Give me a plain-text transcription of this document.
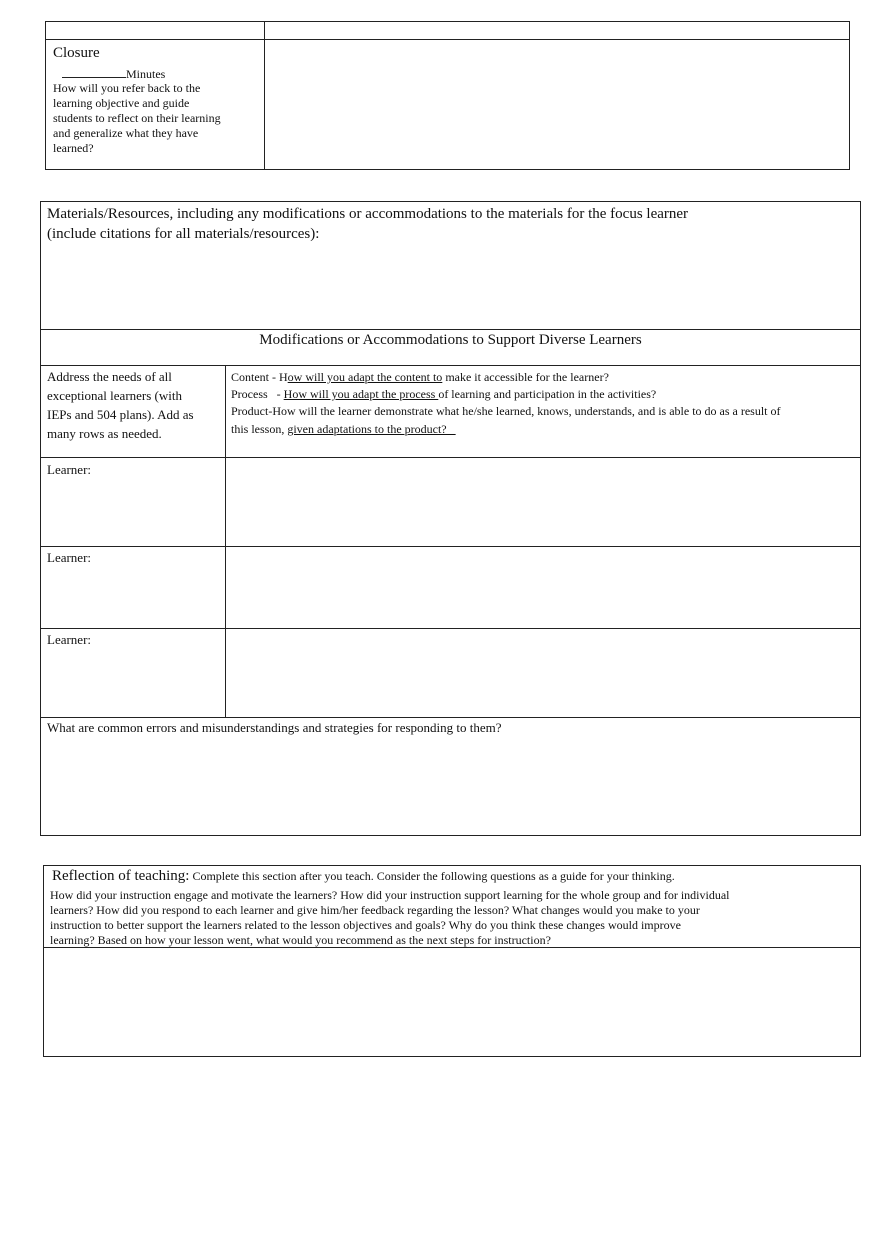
Closure
Minutes
How will you refer back to the
learning objective and guide
students to reflect on their learning
and generalize what they have
learned?
Materials/Resources, including any modifications or accommodations to the materials for the focus learner
(include citations for all materials/resources):
Modifications or Accommodations to Support Diverse Learners
Address the needs of all
exceptional learners (with
IEPs and 504 plans). Add as
many rows as needed.
Content - How will you adapt the content to make it accessible for the learner?
Process   - How will you adapt the process of learning and participation in the activities?
Product-How will the learner demonstrate what he/she learned, knows, understands, and is able to do as a result of
this lesson, given adaptations to the product?
Learner:
Learner:
Learner:
What are common errors and misunderstandings and strategies for responding to them?
Reflection of teaching: Complete this section after you teach. Consider the following questions as a guide for your thinking.
How did your instruction engage and motivate the learners? How did your instruction support learning for the whole group and for individual
learners? How did you respond to each learner and give him/her feedback regarding the lesson? What changes would you make to your
instruction to better support the learners related to the lesson objectives and goals? Why do you think these changes would improve
learning? Based on how your lesson went, what would you recommend as the next steps for instruction?
